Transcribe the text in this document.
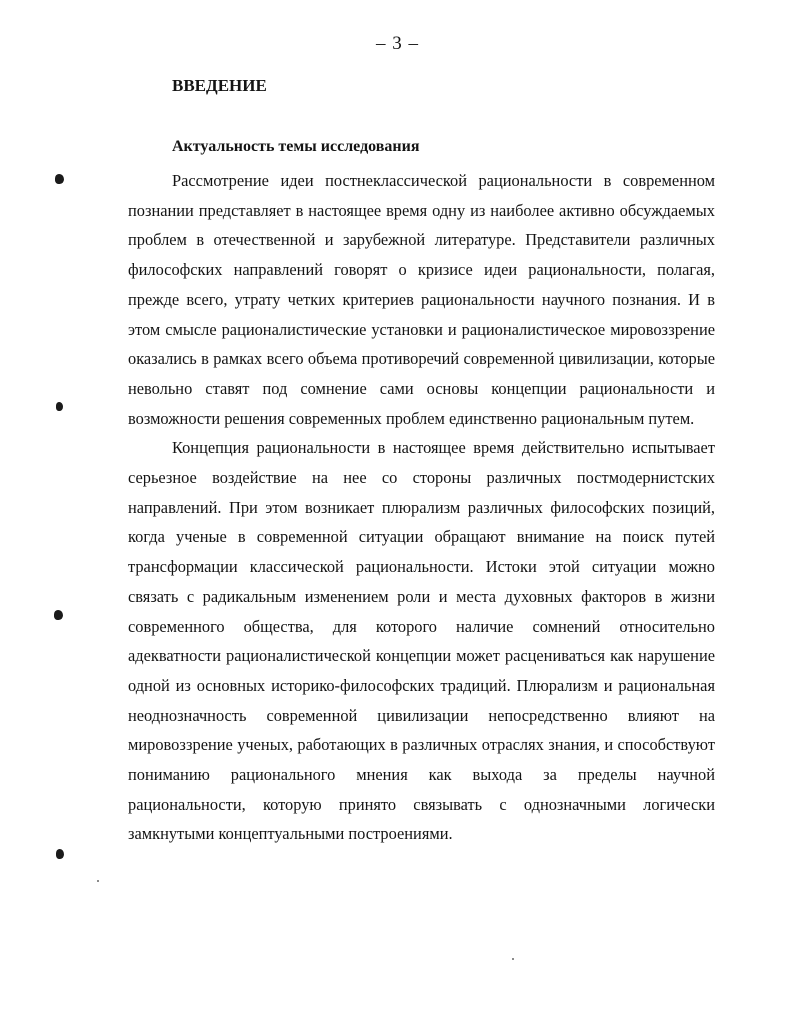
– 3 –
ВВЕДЕНИЕ
Актуальность темы исследования

Рассмотрение идеи постнеклассической рациональности в современном познании представляет в настоящее время одну из наиболее активно обсуждаемых проблем в отечественной и зарубежной литературе. Представители различных философских направлений говорят о кризисе идеи рациональности, полагая, прежде всего, утрату четких критериев рациональности научного познания. И в этом смысле рационалистические установки и рационалистическое мировоззрение оказались в рамках всего объема противоречий современной цивилизации, которые невольно ставят под сомнение сами основы концепции рациональности и возможности решения современных проблем единственно рациональным путем.

Концепция рациональности в настоящее время действительно испытывает серьезное воздействие на нее со стороны различных постмодернистских направлений. При этом возникает плюрализм различных философских позиций, когда ученые в современной ситуации обращают внимание на поиск путей трансформации классической рациональности. Истоки этой ситуации можно связать с радикальным изменением роли и места духовных факторов в жизни современного общества, для которого наличие сомнений относительно адекватности рационалистической концепции может расцениваться как нарушение одной из основных историко-философских традиций. Плюрализм и рациональная неоднозначность современной цивилизации непосредственно влияют на мировоззрение ученых, работающих в различных отраслях знания, и способствуют пониманию рационального мнения как выхода за пределы научной рациональности, которую принято связывать с однозначными логически замкнутыми концептуальными построениями.
